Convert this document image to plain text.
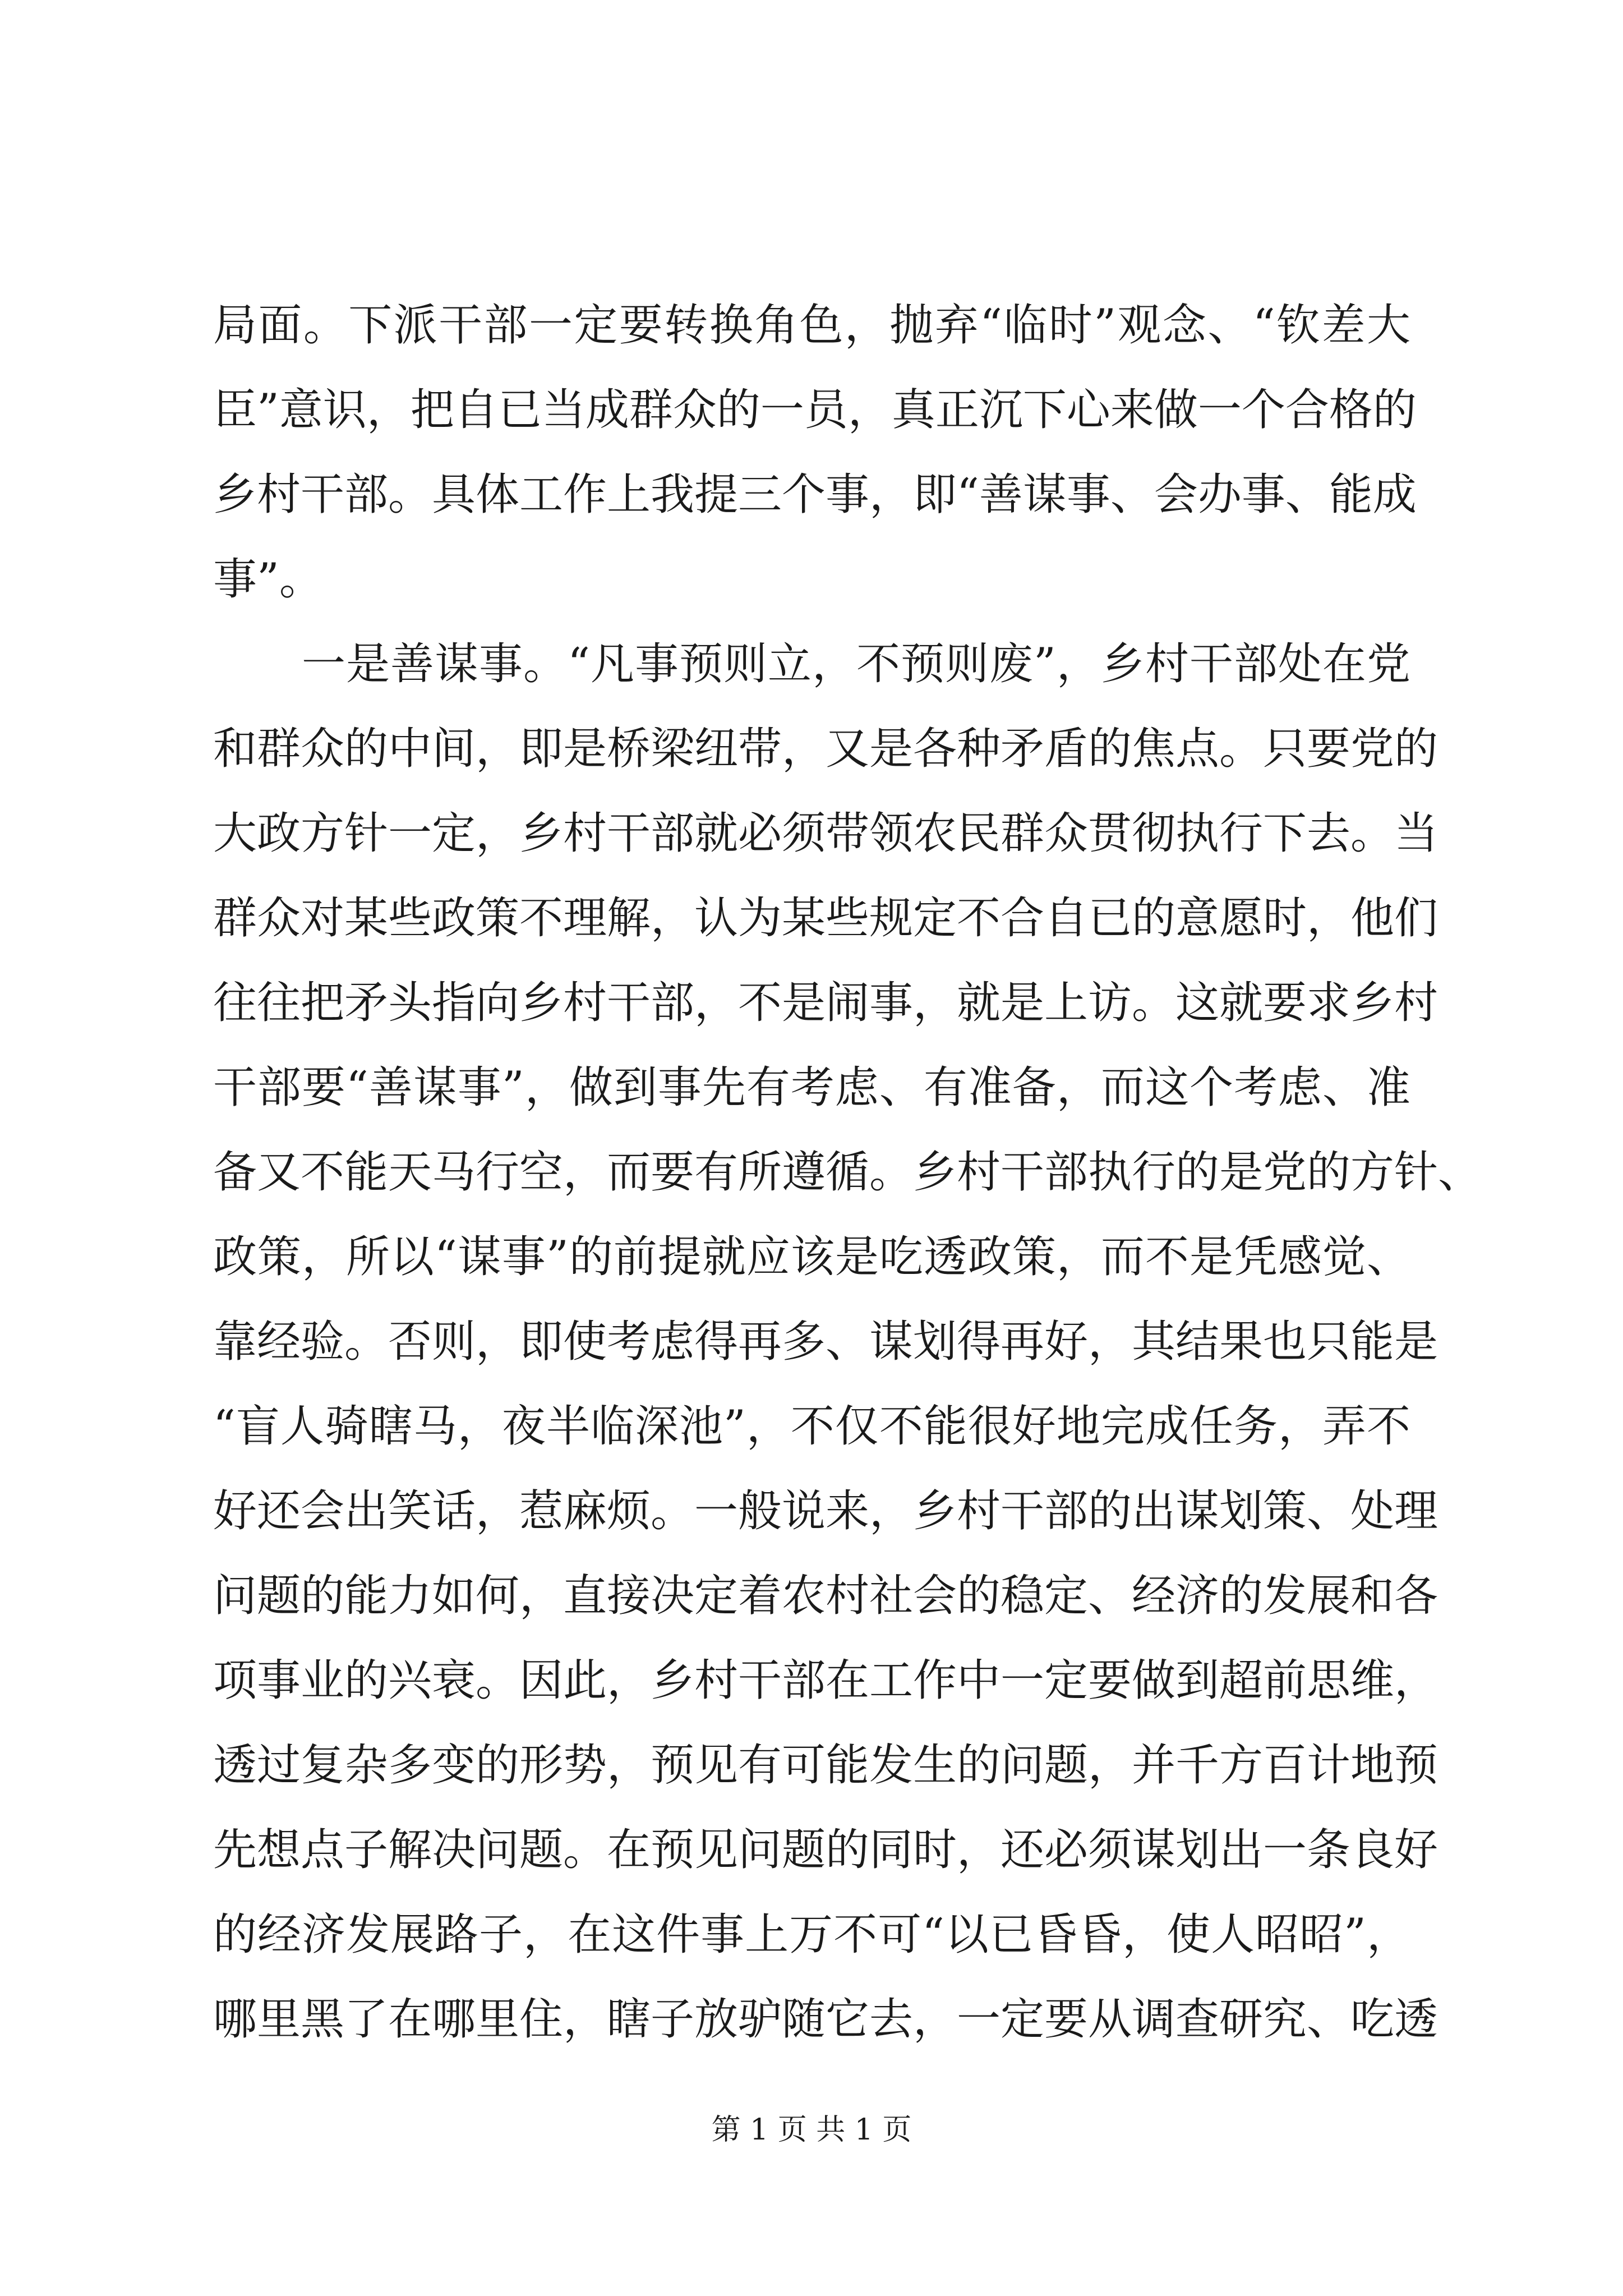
局面。下派干部一定要转换角色，抛弃“临时”观念、“钦差大
臣”意识，把自已当成群众的一员，真正沉下心来做一个合格的
乡村干部。具体工作上我提三个事，即“善谋事、会办事、能成
事”。
　　一是善谋事。“凡事预则立，不预则废”，乡村干部处在党
和群众的中间，即是桥梁纽带，又是各种矛盾的焦点。只要党的
大政方针一定，乡村干部就必须带领农民群众贯彻执行下去。当
群众对某些政策不理解，认为某些规定不合自已的意愿时，他们
往往把矛头指向乡村干部，不是闹事，就是上访。这就要求乡村
干部要“善谋事”，做到事先有考虑、有准备，而这个考虑、准
备又不能天马行空，而要有所遵循。乡村干部执行的是党的方针、
政策，所以“谋事”的前提就应该是吃透政策，而不是凭感觉、
靠经验。否则，即使考虑得再多、谋划得再好，其结果也只能是
“盲人骑瞎马，夜半临深池”，不仅不能很好地完成任务，弄不
好还会出笑话，惹麻烦。一般说来，乡村干部的出谋划策、处理
问题的能力如何，直接决定着农村社会的稳定、经济的发展和各
项事业的兴衰。因此，乡村干部在工作中一定要做到超前思维，
透过复杂多变的形势，预见有可能发生的问题，并千方百计地预
先想点子解决问题。在预见问题的同时，还必须谋划出一条良好
的经济发展路子，在这件事上万不可“以已昏昏，使人昭昭”，
哪里黑了在哪里住，瞎子放驴随它去，一定要从调查研究、吃透
第 1 页 共 1 页
